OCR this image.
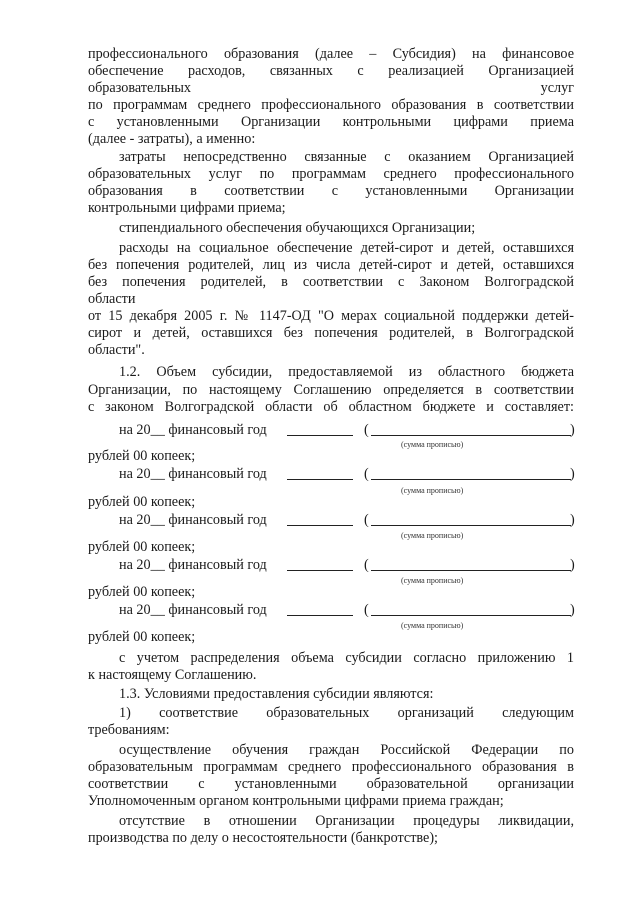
профессионального образования (далее – Субсидия) на финансовое
обеспечение расходов, связанных с реализацией Организацией
образовательных	услуг
по программам среднего профессионального образования в соответствии
с установленными Организации контрольными цифрами приема
(далее - затраты), а именно:
затраты непосредственно связанные с оказанием Организацией
образовательных услуг по программам среднего профессионального
образования в соответствии с установленными Организации
контрольными цифрами приема;
стипендиального обеспечения обучающихся Организации;
расходы на социальное обеспечение детей-сирот и детей, оставшихся
без попечения родителей, лиц из числа детей-сирот и детей, оставшихся
без попечения родителей, в соответствии с Законом Волгоградской
области
от 15 декабря 2005 г. № 1147-ОД "О мерах социальной поддержки детей-
сирот и детей, оставшихся без попечения родителей, в Волгоградской
области".
1.2. Объем субсидии, предоставляемой из областного бюджета
Организации, по настоящему Соглашению определяется в соответствии
с законом Волгоградской области об областном бюджете и составляет:
на 20__ финансовый год	(	)
(сумма прописью)
рублей 00 копеек;
на 20__ финансовый год	(	)
(сумма прописью)
рублей 00 копеек;
на 20__ финансовый год	(	)
(сумма прописью)
рублей 00 копеек;
на 20__ финансовый год	(	)
(сумма прописью)
рублей 00 копеек;
на 20__ финансовый год	(	)
(сумма прописью)
рублей 00 копеек;
с учетом распределения объема субсидии согласно приложению 1
к настоящему Соглашению.
1.3. Условиями предоставления субсидии являются:
1) соответствие образовательных организаций следующим
требованиям:
осуществление обучения граждан Российской Федерации по
образовательным программам среднего профессионального образования в
соответствии с установленными образовательной организации
Уполномоченным органом контрольными цифрами приема граждан;
отсутствие в отношении Организации процедуры ликвидации,
производства по делу о несостоятельности (банкротстве);
